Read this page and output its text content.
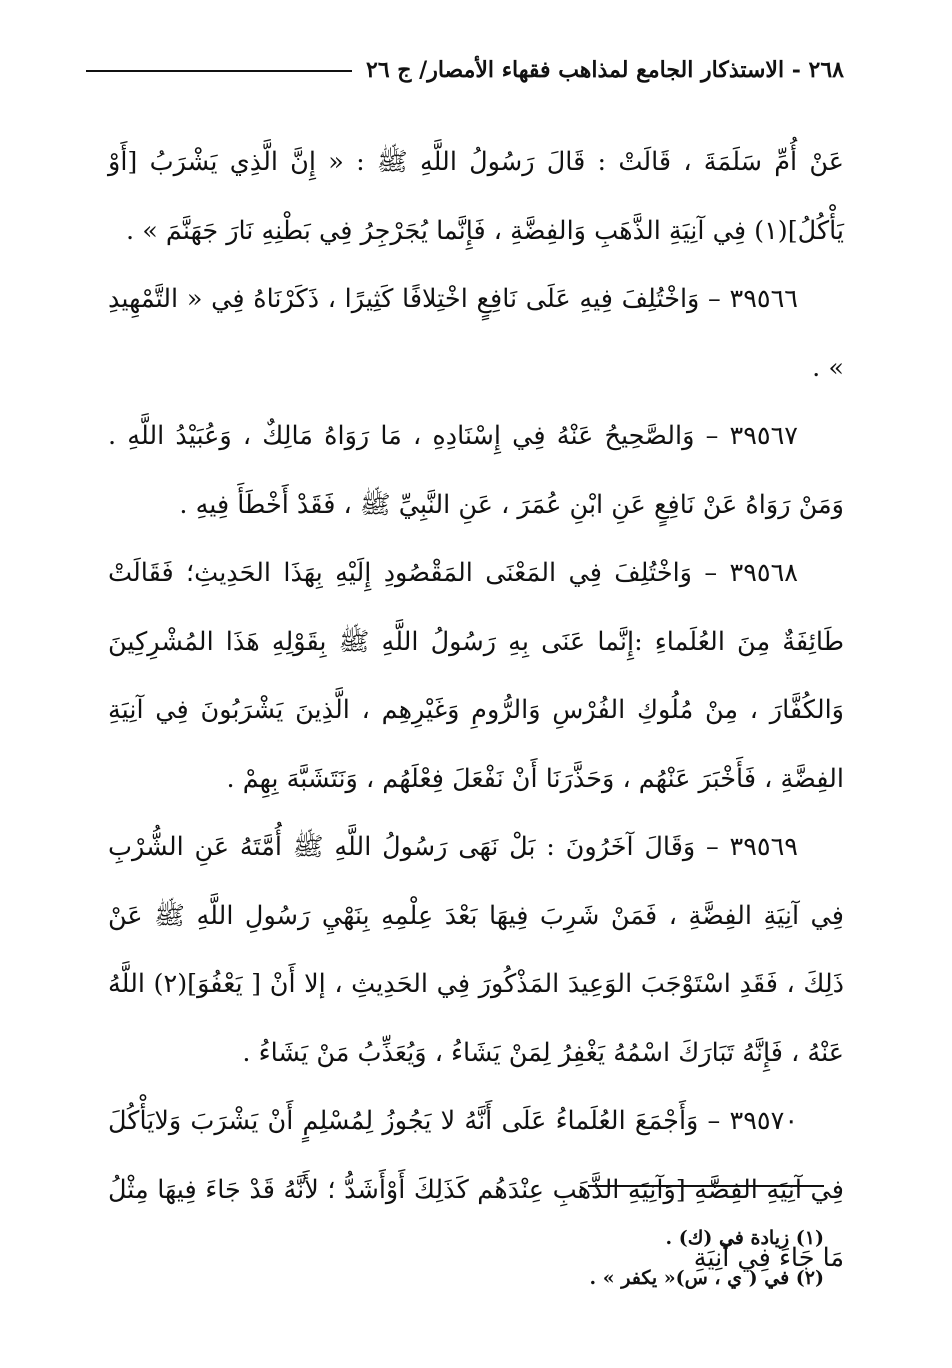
٢٦٨ - الاستذكار الجامع لمذاهب فقهاء الأمصار/ ج ٢٦

عَنْ أُمِّ سَلَمَةَ ، قَالَتْ : قَالَ رَسُولُ اللَّهِ ﷺ : « إِنَّ الَّذِي يَشْرَبُ [أَوْ يَأْكُلُ](١) فِي آنِيَةِ الذَّهَبِ وَالفِضَّةِ ، فَإِنَّما يُجَرْجِرُ فِي بَطْنِهِ نَارَ جَهَنَّمَ » .

٣٩٥٦٦ – وَاخْتُلِفَ فِيهِ عَلَى نَافِعٍ اخْتِلافًا كَثِيرًا ، ذَكَرْنَاهُ فِي « التَّمْهِيدِ » .

٣٩٥٦٧ – وَالصَّحِيحُ عَنْهُ فِي إِسْنَادِهِ ، مَا رَوَاهُ مَالِكٌ ، وَعُبَيْدُ اللَّهِ . وَمَنْ رَوَاهُ عَنْ نَافِعٍ عَنِ ابْنِ عُمَرَ ، عَنِ النَّبِيِّ ﷺ ، فَقَدْ أَخْطَأَ فِيهِ .

٣٩٥٦٨ – وَاخْتُلِفَ فِي المَعْنَى المَقْصُودِ إِلَيْهِ بِهَذَا الحَدِيثِ؛ فَقَالَتْ طَائِفَةٌ مِنَ العُلَماءِ :إِنَّما عَنَى بِهِ رَسُولُ اللَّهِ ﷺ بِقَوْلِهِ هَذَا المُشْرِكِينَ وَالكُفَّارَ ، مِنْ مُلُوكِ الفُرْسِ وَالرُّومِ وَغَيْرِهِم ، الَّذِينَ يَشْرَبُونَ فِي آنِيَةِ الفِضَّةِ ، فَأَخْبَرَ عَنْهُم ، وَحَذَّرَنَا أَنْ نَفْعَلَ فِعْلَهُم ، وَنَتَشَبَّهَ بِهِمْ .

٣٩٥٦٩ – وَقَالَ آخَرُونَ : بَلْ نَهَى رَسُولُ اللَّهِ ﷺ أُمَّتَهُ عَنِ الشُّرْبِ فِي آنِيَةِ الفِضَّةِ ، فَمَنْ شَرِبَ فِيهَا بَعْدَ عِلْمِهِ بِنَهْيِ رَسُولِ اللَّهِ ﷺ عَنْ ذَلِكَ ، فَقَدِ اسْتَوْجَبَ الوَعِيدَ المَذْكُورَ فِي الحَدِيثِ ، إلا أَنْ [ يَعْفُوَ](٢) اللَّهُ عَنْهُ ، فَإِنَّهُ تَبَارَكَ اسْمُهُ يَغْفِرُ لِمَنْ يَشَاءُ ، وَيُعَذِّبُ مَنْ يَشَاءُ .

٣٩٥٧٠ – وَأَجْمَعَ العُلَماءُ عَلَى أَنَّهُ لا يَجُوزُ لِمُسْلِمٍ أَنْ يَشْرَبَ وَلايَأْكُلَ فِي آنِيَةِ الفِضَّةِ [وَآنِيَةِ الذَّهَبِ عِنْدَهُم كَذَلِكَ أَوْأَشَدُّ ؛ لأَنَّهُ قَدْ جَاءَ فِيهَا مِثْلُ مَا جَاءَ فِي آنِيَةِ

(١) زيادة في (ك) .

(٢) في ( ي ، س)« يكفر » .
